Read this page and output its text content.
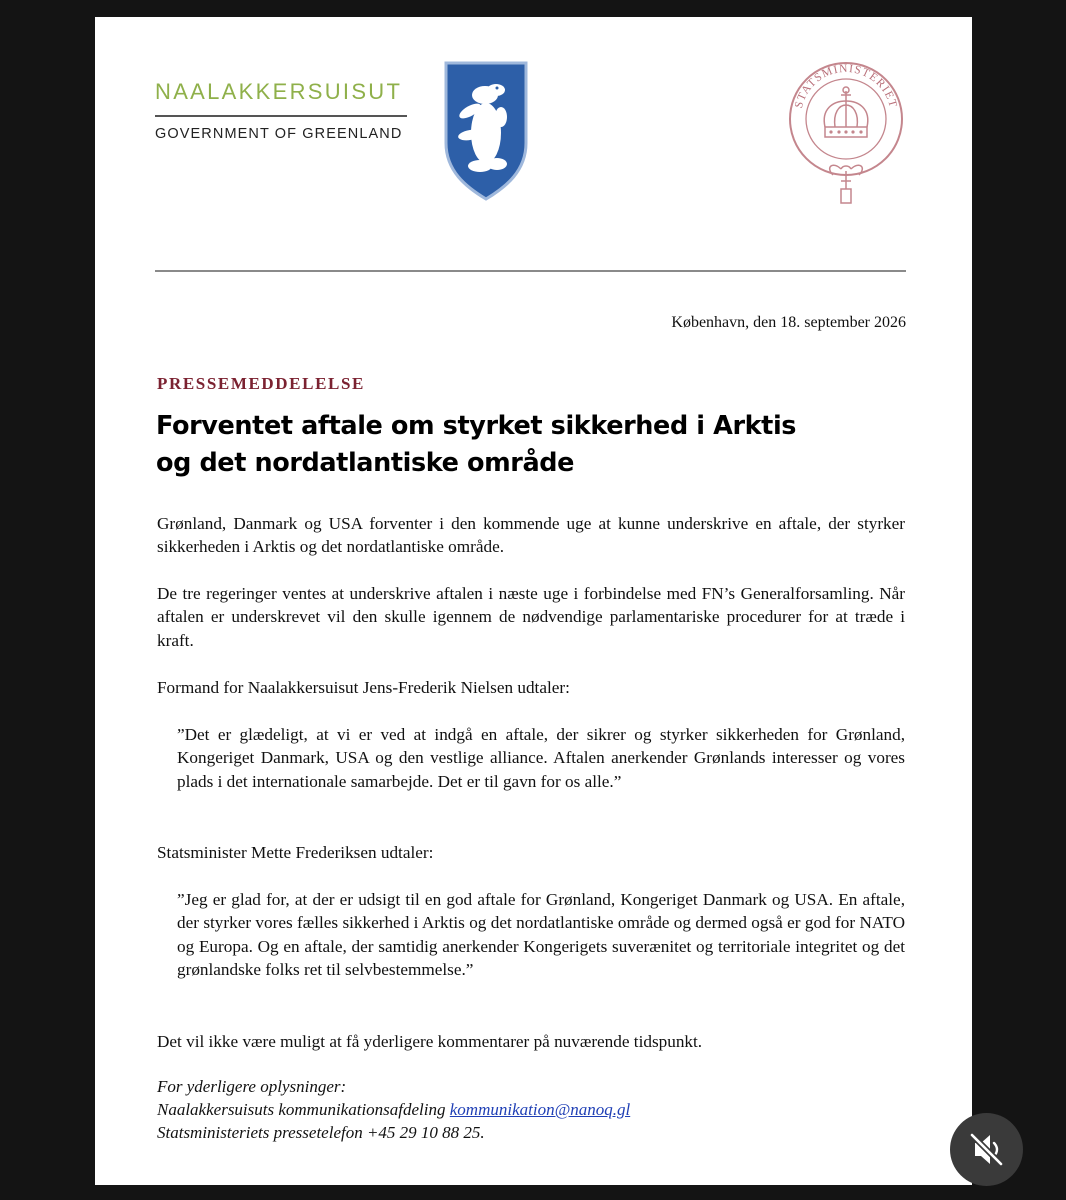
NAALAKKERSUISUT
GOVERNMENT OF GREENLAND
STATSMINISTERIET
København, den 18. september 2026
PRESSEMEDDELELSE
Forventet aftale om styrket sikkerhed i Arktis
og det nordatlantiske område

Grønland, Danmark og USA forventer i den kommende uge at kunne underskrive en aftale, der styrker sikkerheden i Arktis og det nordatlantiske område.

De tre regeringer ventes at underskrive aftalen i næste uge i forbindelse med FN’s Generalforsamling. Når aftalen er underskrevet vil den skulle igennem de nødvendige parlamentariske procedurer for at træde i kraft.

Formand for Naalakkersuisut Jens-Frederik Nielsen udtaler:

”Det er glædeligt, at vi er ved at indgå en aftale, der sikrer og styrker sikkerheden for Grønland, Kongeriget Danmark, USA og den vestlige alliance. Aftalen anerkender Grønlands interesser og vores plads i det internationale samarbejde. Det er til gavn for os alle.”

Statsminister Mette Frederiksen udtaler:

”Jeg er glad for, at der er udsigt til en god aftale for Grønland, Kongeriget Danmark og USA. En aftale, der styrker vores fælles sikkerhed i Arktis og det nordatlantiske område og dermed også er god for NATO og Europa. Og en aftale, der samtidig anerkender Kongerigets suverænitet og territoriale integritet og det grønlandske folks ret til selvbestemmelse.”

Det vil ikke være muligt at få yderligere kommentarer på nuværende tidspunkt.

For yderligere oplysninger:
Naalakkersuisuts kommunikationsafdeling kommunikation@nanoq.gl
Statsministeriets pressetelefon +45 29 10 88 25.
